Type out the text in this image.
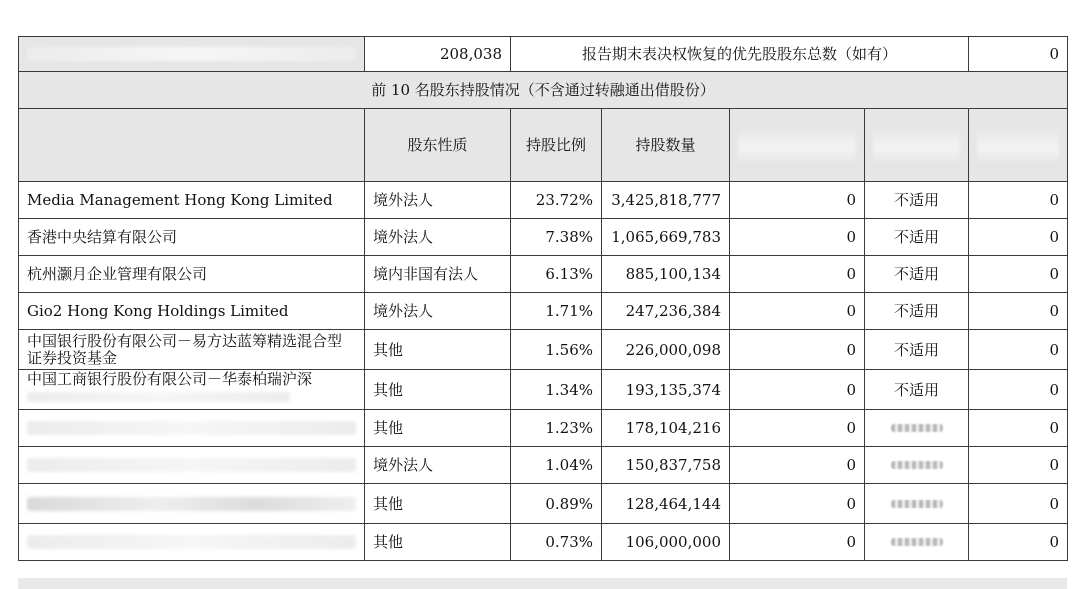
	208,038	报告期末表决权恢复的优先股股东总数（如有）				0
前 10 名股东持股情况（不含通过转融通出借股份）						
	股东性质	持股比例	持股数量	

Media Management Hong Kong Limited	境外法人	23.72%	3,425,818,777	0	不适用	0
香港中央结算有限公司	境外法人	7.38%	1,065,669,783	0	不适用	0
杭州灏月企业管理有限公司	境内非国有法人	6.13%	885,100,134	0	不适用	0
Gio2 Hong Kong Holdings Limited	境外法人	1.71%	247,236,384	0	不适用	0
中国银行股份有限公司－易方达蓝筹精选混合型证券投资基金	其他	1.56%	226,000,098	0	不适用	0

中国工商银行股份有限公司－华泰柏瑞沪深	其他	1.34%	193,135,374	0	不适用	0

	其他	1.23%	178,104,216	0		0

	境外法人	1.04%	150,837,758	0		0

	其他	0.89%	128,464,144	0		0

	其他	0.73%	106,000,000	0		0
